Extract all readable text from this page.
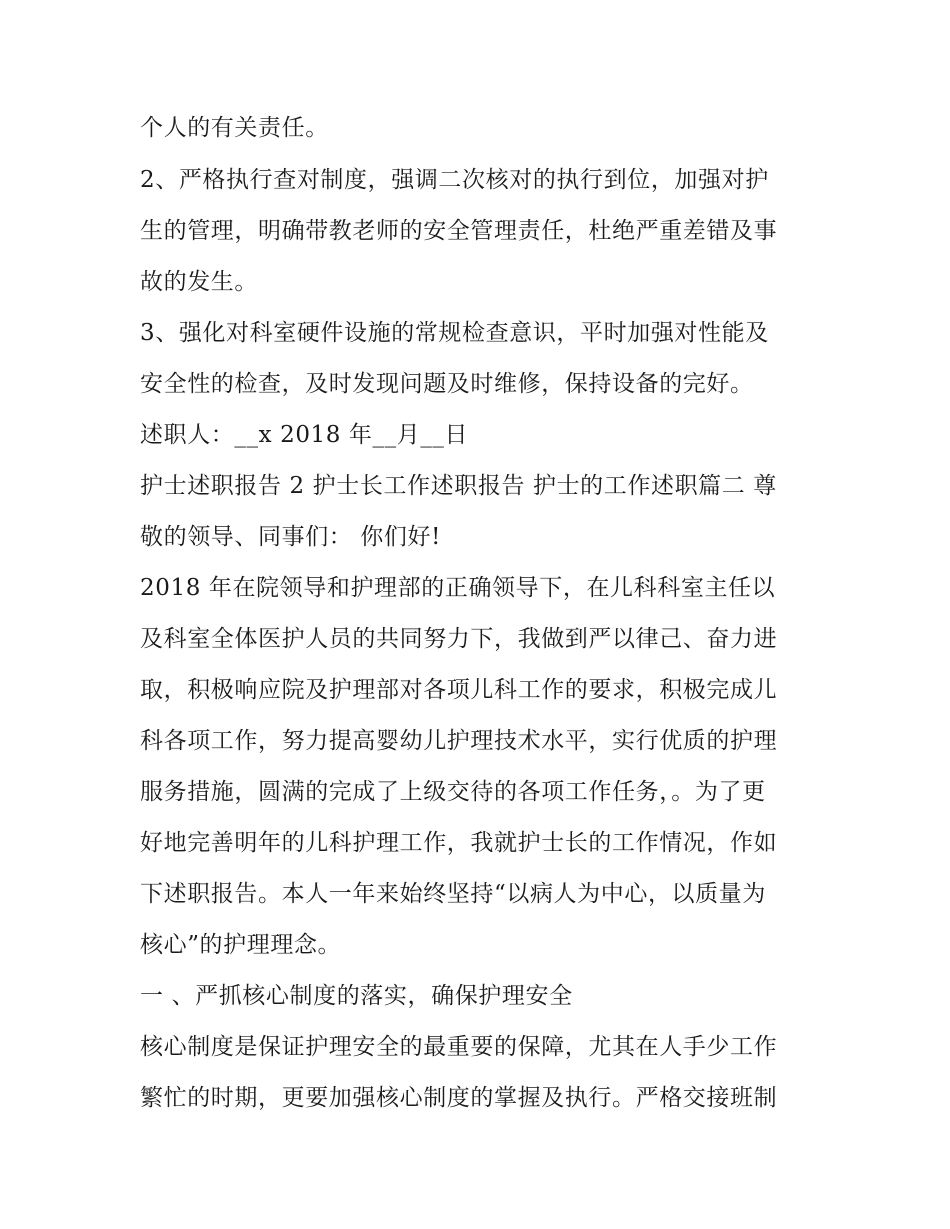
个人的有关责任。
2、严格执行查对制度，强调二次核对的执行到位，加强对护
生的管理，明确带教老师的安全管理责任，杜绝严重差错及事
故的发生。
3、强化对科室硬件设施的常规检查意识，平时加强对性能及
安全性的检查，及时发现问题及时维修，保持设备的完好。
述职人：__x 2018 年__月__日
护士述职报告 2 护士长工作述职报告 护士的工作述职篇二 尊
敬的领导、同事们： 你们好!
2018 年在院领导和护理部的正确领导下，在儿科科室主任以
及科室全体医护人员的共同努力下，我做到严以律己、奋力进
取，积极响应院及护理部对各项儿科工作的要求，积极完成儿
科各项工作，努力提高婴幼儿护理技术水平，实行优质的护理
服务措施，圆满的完成了上级交待的各项工作任务，。为了更
好地完善明年的儿科护理工作，我就护士长的工作情况，作如
下述职报告。本人一年来始终坚持“以病人为中心，以质量为
核心”的护理理念。
一 、严抓核心制度的落实，确保护理安全
核心制度是保证护理安全的最重要的保障，尤其在人手少工作
繁忙的时期，更要加强核心制度的掌握及执行。严格交接班制
